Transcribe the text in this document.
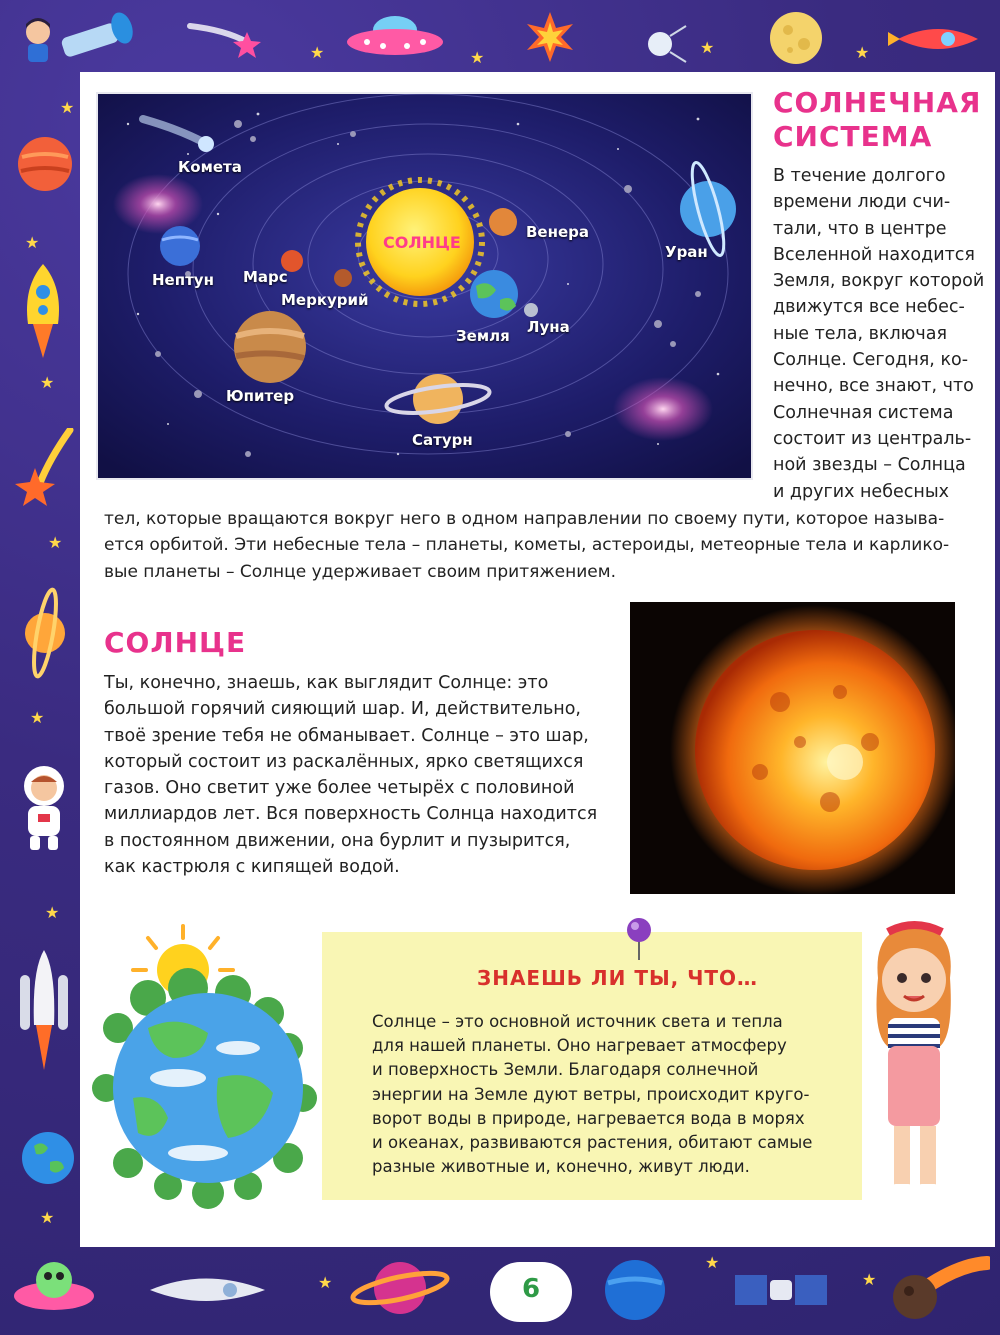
★
★	★
★	★
★
★
★
★
★
★
★
★
★
Комета
Нептун Марс
Меркурий
СОЛНЦЕ
Венера
Уран
Земля Луна
Юпитер
Сатурн
СОЛНЕЧНАЯ
СИСТЕМА
В течение долгого
времени люди счи-
тали, что в центре
Вселенной находится
Земля, вокруг которой
движутся все небес-
ные тела, включая
Солнце. Сегодня, ко-
нечно, все знают, что
Солнечная система
состоит из централь-
ной звезды – Солнца
и других небесных
тел, которые вращаются вокруг него в одном направлении по своему пути, которое называ-
ется орбитой. Эти небесные тела – планеты, кометы, астероиды, метеорные тела и карлико-
вые планеты – Солнце удерживает своим притяжением.
СОЛНЦЕ
Ты, конечно, знаешь, как выглядит Солнце: это
большой горячий сияющий шар. И, действительно,
твоё зрение тебя не обманывает. Солнце – это шар,
который состоит из раскалённых, ярко светящихся
газов. Оно светит уже более четырёх с половиной
миллиардов лет. Вся поверхность Солнца находится
в постоянном движении, она бурлит и пузырится,
как кастрюля с кипящей водой.
ЗНАЕШЬ ЛИ ТЫ, ЧТО…
Солнце – это основной источник света и тепла
для нашей планеты. Оно нагревает атмосферу
и поверхность Земли. Благодаря солнечной
энергии на Земле дуют ветры, происходит круго-
ворот воды в природе, нагревается вода в морях
и океанах, развиваются растения, обитают самые
разные животные и, конечно, живут люди.
6
